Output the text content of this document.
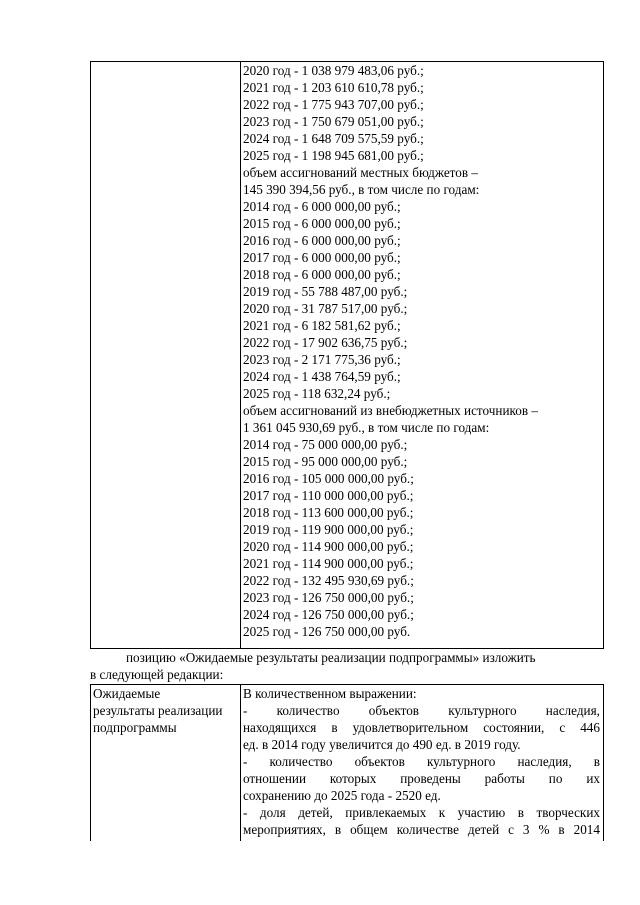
2020 год - 1 038 979 483,06 руб.;
2021 год - 1 203 610 610,78 руб.;
2022 год - 1 775 943 707,00 руб.;
2023 год - 1 750 679 051,00 руб.;
2024 год - 1 648 709 575,59 руб.;
2025 год - 1 198 945 681,00 руб.;
объем ассигнований местных бюджетов –
145 390 394,56 руб., в том числе по годам:
2014 год - 6 000 000,00 руб.;
2015 год - 6 000 000,00 руб.;
2016 год - 6 000 000,00 руб.;
2017 год - 6 000 000,00 руб.;
2018 год - 6 000 000,00 руб.;
2019 год - 55 788 487,00 руб.;
2020 год - 31 787 517,00 руб.;
2021 год - 6 182 581,62 руб.;
2022 год - 17 902 636,75 руб.;
2023 год - 2 171 775,36 руб.;
2024 год - 1 438 764,59 руб.;
2025 год - 118 632,24 руб.;
объем ассигнований из внебюджетных источников –
1 361 045 930,69 руб., в том числе по годам:
2014 год - 75 000 000,00 руб.;
2015 год - 95 000 000,00 руб.;
2016 год - 105 000 000,00 руб.;
2017 год - 110 000 000,00 руб.;
2018 год - 113 600 000,00 руб.;
2019 год - 119 900 000,00 руб.;
2020 год - 114 900 000,00 руб.;
2021 год - 114 900 000,00 руб.;
2022 год - 132 495 930,69 руб.;
2023 год - 126 750 000,00 руб.;
2024 год - 126 750 000,00 руб.;
2025 год - 126 750 000,00 руб.
позицию «Ожидаемые результаты реализации подпрограммы» изложить
в следующей редакции:
Ожидаемые
результаты реализации
подпрограммы
В количественном выражении:
- количество объектов культурного наследия,
находящихся в удовлетворительном состоянии, с 446
ед. в 2014 году увеличится до 490 ед. в 2019 году.
- количество объектов культурного наследия, в
отношении которых проведены работы по их
сохранению до 2025 года - 2520 ед.
- доля детей, привлекаемых к участию в творческих
мероприятиях, в общем количестве детей с 3 % в 2014
